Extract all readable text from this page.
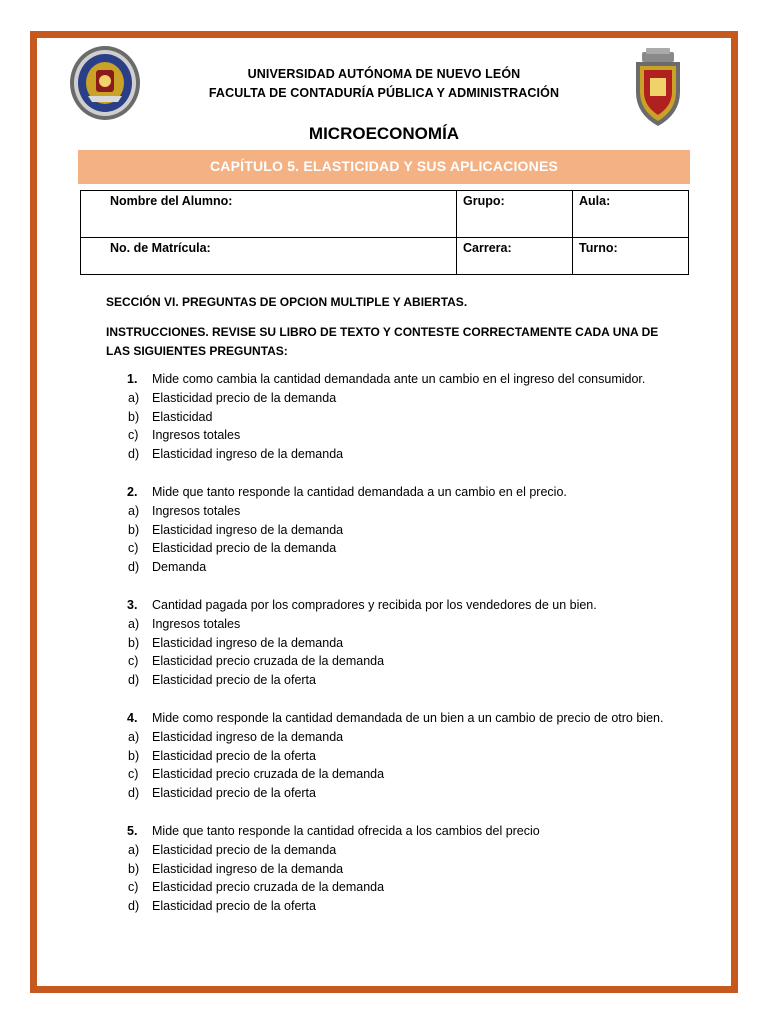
UNIVERSIDAD AUTÓNOMA DE NUEVO LEÓN
FACULTA DE CONTADURÍA PÚBLICA Y ADMINISTRACIÓN
MICROECONOMÍA
CAPÍTULO 5. ELASTICIDAD Y SUS APLICACIONES
Nombre del Alumno:	Grupo:	Aula:
No. de Matrícula:	Carrera:	Turno:
SECCIÓN VI. PREGUNTAS DE OPCION MULTIPLE Y ABIERTAS.
INSTRUCCIONES. REVISE SU LIBRO DE TEXTO Y CONTESTE CORRECTAMENTE CADA UNA DE LAS SIGUIENTES PREGUNTAS:
1.	Mide como cambia la cantidad demandada ante un cambio en el ingreso del consumidor.
a)	Elasticidad precio de la demanda
b)	Elasticidad
c)	Ingresos totales
d)	Elasticidad ingreso de la demanda
2.	Mide que tanto responde la cantidad demandada a un cambio en el precio.
a)	Ingresos totales
b)	Elasticidad ingreso de la demanda
c)	Elasticidad precio de la demanda
d)	Demanda
3.	Cantidad pagada por los compradores y recibida por los vendedores de un bien.
a)	Ingresos totales
b)	Elasticidad ingreso de la demanda
c)	Elasticidad precio cruzada de la demanda
d)	Elasticidad precio de la oferta
4.	Mide como responde la cantidad demandada de un bien a un cambio de precio de otro bien.
a)	Elasticidad ingreso de la demanda
b)	Elasticidad precio de la oferta
c)	Elasticidad precio cruzada de la demanda
d)	Elasticidad precio de la oferta
5.	Mide que tanto responde la cantidad ofrecida a los cambios del precio
a)	Elasticidad precio de la demanda
b)	Elasticidad ingreso de la demanda
c)	Elasticidad precio cruzada de la demanda
d)	Elasticidad precio de la oferta
